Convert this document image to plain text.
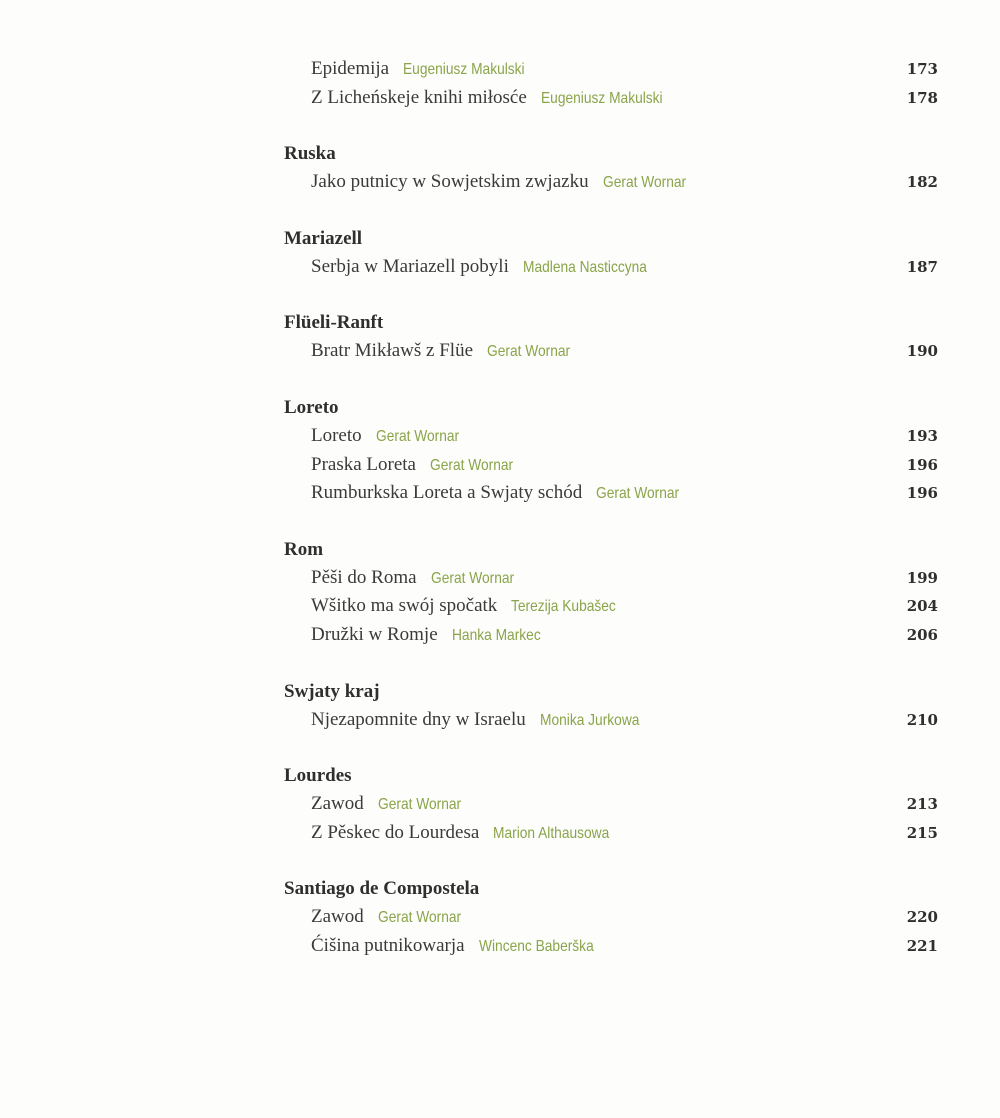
Epidemija Eugeniusz Makulski	173
Z Licheńskeje knihi miłosće Eugeniusz Makulski	178
Ruska
Jako putnicy w Sowjetskim zwjazku Gerat Wornar	182
Mariazell
Serbja w Mariazell pobyli Madlena Nasticcyna	187
Flüeli-Ranft
Bratr Mikławš z Flüe Gerat Wornar	190
Loreto
Loreto Gerat Wornar	193
Praska Loreta Gerat Wornar	196
Rumburkska Loreta a Swjaty schód Gerat Wornar	196
Rom
Pěši do Roma Gerat Wornar	199
Wšitko ma swój spočatk Terezija Kubašec	204
Družki w Romje Hanka Markec	206
Swjaty kraj
Njezapomnite dny w Israelu Monika Jurkowa	210
Lourdes
Zawod Gerat Wornar	213
Z Pěskec do Lourdesa Marion Althausowa	215
Santiago de Compostela
Zawod Gerat Wornar	220
Ćišina putnikowarja Wincenc Baberška	221
